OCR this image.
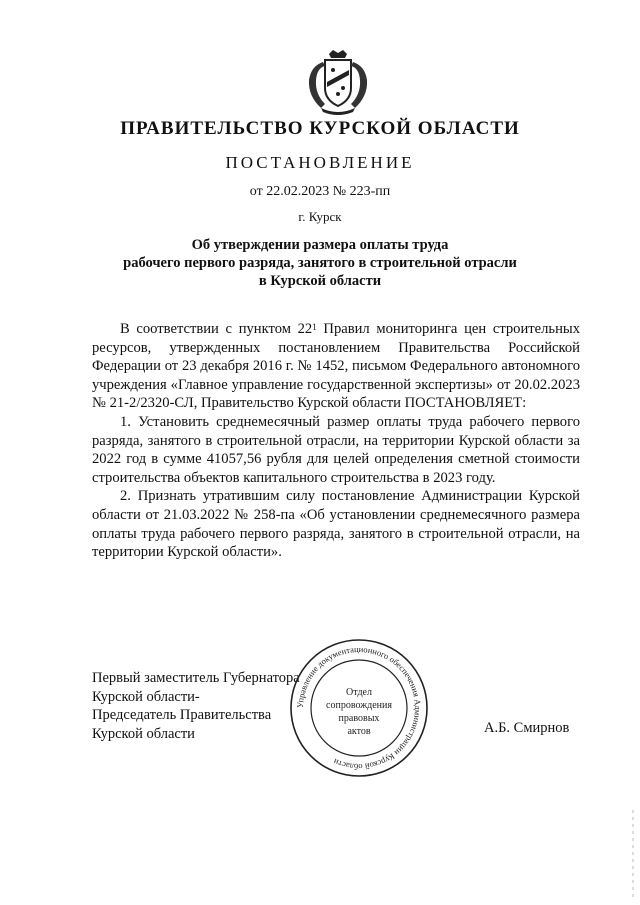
ПРАВИТЕЛЬСТВО КУРСКОЙ ОБЛАСТИ
ПОСТАНОВЛЕНИЕ
от 22.02.2023 № 223-пп
г. Курск
Об утверждении размера оплаты труда
рабочего первого разряда, занятого в строительной отрасли
в Курской области

В соответствии с пунктом $22^1$ Правил мониторинга цен строительных ресурсов, утвержденных постановлением Правительства Российской Федерации от 23 декабря 2016 г. № 1452, письмом Федерального автономного учреждения «Главное управление государственной экспертизы» от 20.02.2023 № 21-2/2320-СЛ, Правительство Курской области ПОСТАНОВЛЯЕТ:

1. Установить среднемесячный размер оплаты труда рабочего первого разряда, занятого в строительной отрасли, на территории Курской области за 2022 год в сумме 41057,56 рубля для целей определения сметной стоимости строительства объектов капитального строительства в 2023 году.

2. Признать утратившим силу постановление Администрации Курской области от 21.03.2022 № 258-па «Об установлении среднемесячного размера оплаты труда рабочего первого разряда, занятого в строительной отрасли, на территории Курской области».

Первый заместитель Губернатора
Курской области-
Председатель Правительства
Курской области	А.Б. Смирнов
Управление документационного обеспечения Администрации Курской области
Отдел
сопровождения
правовых
актов
